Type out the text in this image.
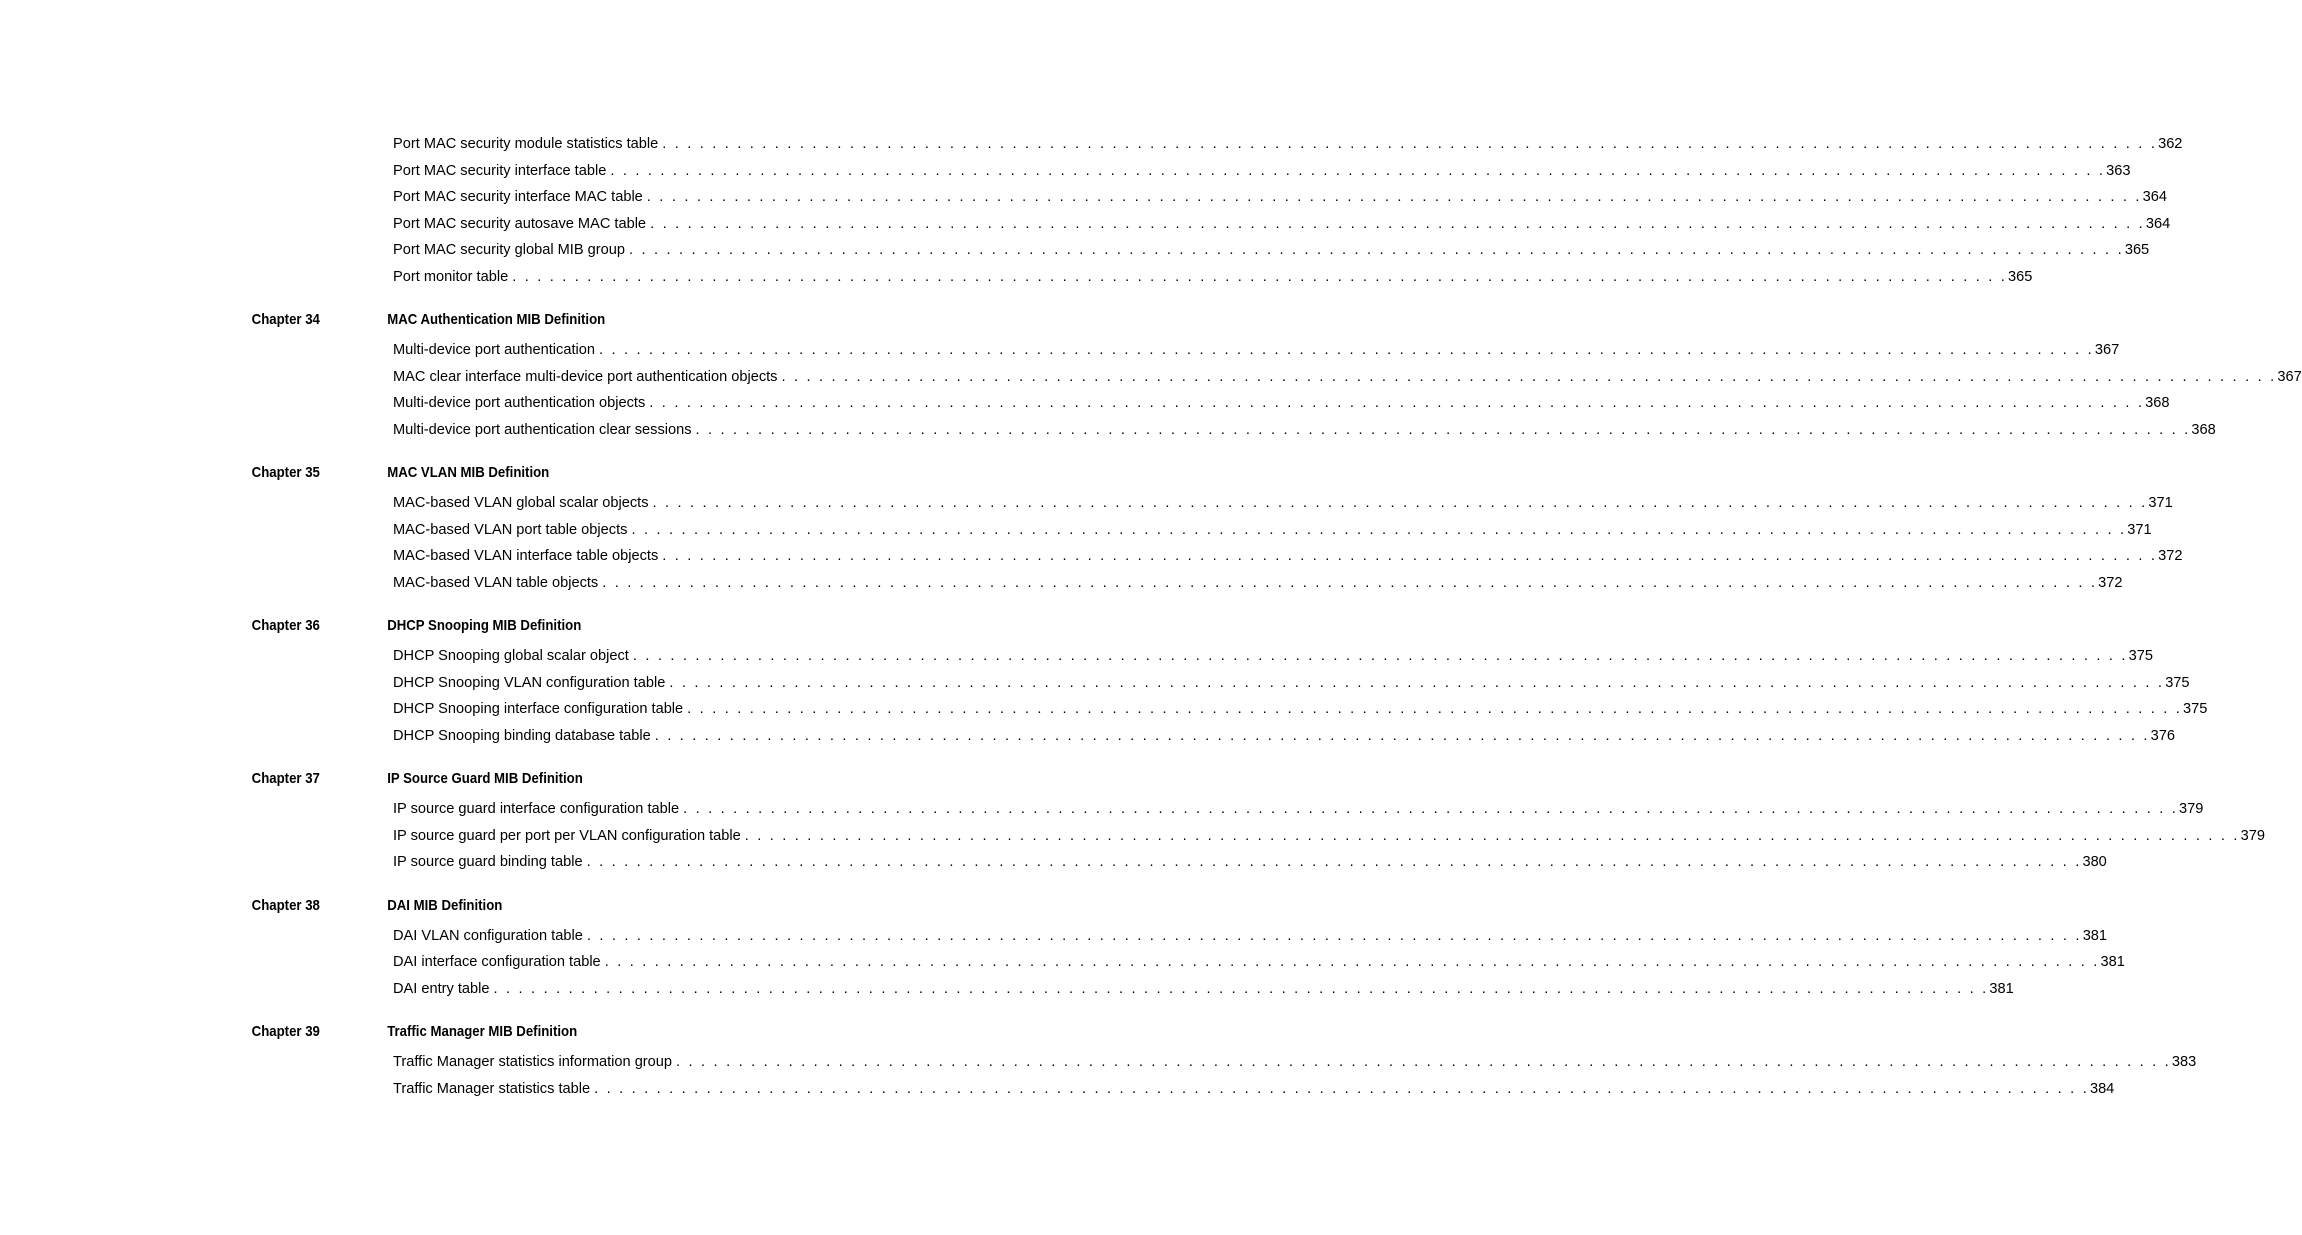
Port MAC security module statistics table . . . . . . . . . . . . . . . . . . . . . . . . . . . . . . . . . . . . . . . . . . . . . . . . . . . . . . . . . . . . . . . . . . . . . . . . . . . . . . . . . . . . . . . . . . . . . . . . . . . . . . . . . . . . . . . . . . . . . . . . 362
Port MAC security interface table . . . . . . . . . . . . . . . . . . . . . . . . . . . . . . . . . . . . . . . . . . . . . . . . . . . . . . . . . . . . . . . . . . . . . . . . . . . . . . . . . . . . . . . . . . . . . . . . . . . . . . . . . . . . . . . . . . . . . . . . 363
Port MAC security interface MAC table . . . . . . . . . . . . . . . . . . . . . . . . . . . . . . . . . . . . . . . . . . . . . . . . . . . . . . . . . . . . . . . . . . . . . . . . . . . . . . . . . . . . . . . . . . . . . . . . . . . . . . . . . . . . . . . . . . . . . . . . 364
Port MAC security autosave MAC table . . . . . . . . . . . . . . . . . . . . . . . . . . . . . . . . . . . . . . . . . . . . . . . . . . . . . . . . . . . . . . . . . . . . . . . . . . . . . . . . . . . . . . . . . . . . . . . . . . . . . . . . . . . . . . . . . . . . . . . . 364
Port MAC security global MIB group . . . . . . . . . . . . . . . . . . . . . . . . . . . . . . . . . . . . . . . . . . . . . . . . . . . . . . . . . . . . . . . . . . . . . . . . . . . . . . . . . . . . . . . . . . . . . . . . . . . . . . . . . . . . . . . . . . . . . . . . 365
Port monitor table . . . . . . . . . . . . . . . . . . . . . . . . . . . . . . . . . . . . . . . . . . . . . . . . . . . . . . . . . . . . . . . . . . . . . . . . . . . . . . . . . . . . . . . . . . . . . . . . . . . . . . . . . . . . . . . . . . . . . . . . 365
Chapter 34	MAC Authentication MIB Definition
Multi-device port authentication . . . . . . . . . . . . . . . . . . . . . . . . . . . . . . . . . . . . . . . . . . . . . . . . . . . . . . . . . . . . . . . . . . . . . . . . . . . . . . . . . . . . . . . . . . . . . . . . . . . . . . . . . . . . . . . . . . . . . . . . 367
MAC clear interface multi-device port authentication objects . . . . . . . . . . . . . . . . . . . . . . . . . . . . . . . . . . . . . . . . . . . . . . . . . . . . . . . . . . . . . . . . . . . . . . . . . . . . . . . . . . . . . . . . . . . . . . . . . . . . . . . . . . . . . . . . . . . . . . . . 367
Multi-device port authentication objects . . . . . . . . . . . . . . . . . . . . . . . . . . . . . . . . . . . . . . . . . . . . . . . . . . . . . . . . . . . . . . . . . . . . . . . . . . . . . . . . . . . . . . . . . . . . . . . . . . . . . . . . . . . . . . . . . . . . . . . . 368
Multi-device port authentication clear sessions . . . . . . . . . . . . . . . . . . . . . . . . . . . . . . . . . . . . . . . . . . . . . . . . . . . . . . . . . . . . . . . . . . . . . . . . . . . . . . . . . . . . . . . . . . . . . . . . . . . . . . . . . . . . . . . . . . . . . . . . 368
Chapter 35	MAC VLAN MIB Definition
MAC-based VLAN global scalar objects . . . . . . . . . . . . . . . . . . . . . . . . . . . . . . . . . . . . . . . . . . . . . . . . . . . . . . . . . . . . . . . . . . . . . . . . . . . . . . . . . . . . . . . . . . . . . . . . . . . . . . . . . . . . . . . . . . . . . . . . 371
MAC-based VLAN port table objects . . . . . . . . . . . . . . . . . . . . . . . . . . . . . . . . . . . . . . . . . . . . . . . . . . . . . . . . . . . . . . . . . . . . . . . . . . . . . . . . . . . . . . . . . . . . . . . . . . . . . . . . . . . . . . . . . . . . . . . . 371
MAC-based VLAN interface table objects . . . . . . . . . . . . . . . . . . . . . . . . . . . . . . . . . . . . . . . . . . . . . . . . . . . . . . . . . . . . . . . . . . . . . . . . . . . . . . . . . . . . . . . . . . . . . . . . . . . . . . . . . . . . . . . . . . . . . . . . 372
MAC-based VLAN table objects . . . . . . . . . . . . . . . . . . . . . . . . . . . . . . . . . . . . . . . . . . . . . . . . . . . . . . . . . . . . . . . . . . . . . . . . . . . . . . . . . . . . . . . . . . . . . . . . . . . . . . . . . . . . . . . . . . . . . . . . 372
Chapter 36	DHCP Snooping MIB Definition
DHCP Snooping global scalar object . . . . . . . . . . . . . . . . . . . . . . . . . . . . . . . . . . . . . . . . . . . . . . . . . . . . . . . . . . . . . . . . . . . . . . . . . . . . . . . . . . . . . . . . . . . . . . . . . . . . . . . . . . . . . . . . . . . . . . . . 375
DHCP Snooping VLAN configuration table . . . . . . . . . . . . . . . . . . . . . . . . . . . . . . . . . . . . . . . . . . . . . . . . . . . . . . . . . . . . . . . . . . . . . . . . . . . . . . . . . . . . . . . . . . . . . . . . . . . . . . . . . . . . . . . . . . . . . . . . 375
DHCP Snooping interface configuration table . . . . . . . . . . . . . . . . . . . . . . . . . . . . . . . . . . . . . . . . . . . . . . . . . . . . . . . . . . . . . . . . . . . . . . . . . . . . . . . . . . . . . . . . . . . . . . . . . . . . . . . . . . . . . . . . . . . . . . . . 375
DHCP Snooping binding database table . . . . . . . . . . . . . . . . . . . . . . . . . . . . . . . . . . . . . . . . . . . . . . . . . . . . . . . . . . . . . . . . . . . . . . . . . . . . . . . . . . . . . . . . . . . . . . . . . . . . . . . . . . . . . . . . . . . . . . . . 376
Chapter 37	IP Source Guard MIB Definition
IP source guard interface configuration table . . . . . . . . . . . . . . . . . . . . . . . . . . . . . . . . . . . . . . . . . . . . . . . . . . . . . . . . . . . . . . . . . . . . . . . . . . . . . . . . . . . . . . . . . . . . . . . . . . . . . . . . . . . . . . . . . . . . . . . . 379
IP source guard per port per VLAN configuration table . . . . . . . . . . . . . . . . . . . . . . . . . . . . . . . . . . . . . . . . . . . . . . . . . . . . . . . . . . . . . . . . . . . . . . . . . . . . . . . . . . . . . . . . . . . . . . . . . . . . . . . . . . . . . . . . . . . . . . . . 379
IP source guard binding table . . . . . . . . . . . . . . . . . . . . . . . . . . . . . . . . . . . . . . . . . . . . . . . . . . . . . . . . . . . . . . . . . . . . . . . . . . . . . . . . . . . . . . . . . . . . . . . . . . . . . . . . . . . . . . . . . . . . . . . . 380
Chapter 38	DAI MIB Definition
DAI VLAN configuration table . . . . . . . . . . . . . . . . . . . . . . . . . . . . . . . . . . . . . . . . . . . . . . . . . . . . . . . . . . . . . . . . . . . . . . . . . . . . . . . . . . . . . . . . . . . . . . . . . . . . . . . . . . . . . . . . . . . . . . . . 381
DAI interface configuration table . . . . . . . . . . . . . . . . . . . . . . . . . . . . . . . . . . . . . . . . . . . . . . . . . . . . . . . . . . . . . . . . . . . . . . . . . . . . . . . . . . . . . . . . . . . . . . . . . . . . . . . . . . . . . . . . . . . . . . . . 381
DAI entry table . . . . . . . . . . . . . . . . . . . . . . . . . . . . . . . . . . . . . . . . . . . . . . . . . . . . . . . . . . . . . . . . . . . . . . . . . . . . . . . . . . . . . . . . . . . . . . . . . . . . . . . . . . . . . . . . . . . . . . . . 381
Chapter 39	Traffic Manager MIB Definition
Traffic Manager statistics information group . . . . . . . . . . . . . . . . . . . . . . . . . . . . . . . . . . . . . . . . . . . . . . . . . . . . . . . . . . . . . . . . . . . . . . . . . . . . . . . . . . . . . . . . . . . . . . . . . . . . . . . . . . . . . . . . . . . . . . . . 383
Traffic Manager statistics table . . . . . . . . . . . . . . . . . . . . . . . . . . . . . . . . . . . . . . . . . . . . . . . . . . . . . . . . . . . . . . . . . . . . . . . . . . . . . . . . . . . . . . . . . . . . . . . . . . . . . . . . . . . . . . . . . . . . . . . . 384
